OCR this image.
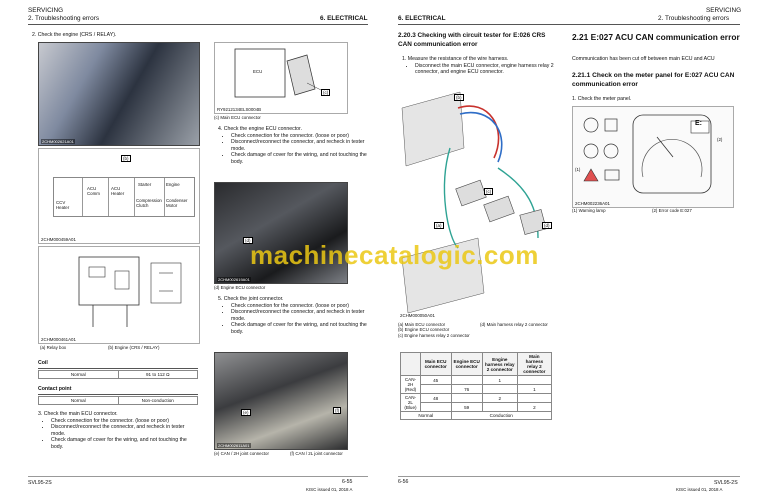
SERVICING
2. Troubleshooting errors	6. ELECTRICAL
2. Check the engine (CRS / RELAY).
2CHM002621A01
(b)
CCV Heater
ACU Comm
ACU Heater
Starter	Engine
Compression Clutch
Condenser Motor
2CHM000459A01
2CHM000461A01
(a) Relay box	(b) Engine (CRS / RELAY)
Coil
Normal	91 to 112 Ω
Contact point
Normal	Non-conduction
3. Check the main ECU connector.
• Check connection for the connector. (loose or poor)
• Disconnect/reconnect the connector, and recheck in tester mode.
• Check damage of cover for the wiring, and not touching the body.
ECU
(c)
RY9212134ELS0004B
(c) Main ECU connector
4. Check the engine ECU connector.
• Check connection for the connector. (loose or poor)
• Disconnect/reconnect the connector, and recheck in tester mode.
• Check damage of cover for the wiring, and not touching the body.
(d)
2CHM002619A01
(d) Engine ECU connector
5. Check the joint connector.
• Check connection for the connector. (loose or poor)
• Disconnect/reconnect the connector, and recheck in tester mode.
• Check damage of cover for the wiring, and not touching the body.
(e)	(f)
2CHM002611A01
(e) CAN / 2H joint connector	(f) CAN / 2L joint connector
SVL95-2S	6-55
KISC issued 01, 2018 A
SERVICING
2. Troubleshooting errors
6. ELECTRICAL
2.20.3 Checking with circuit tester for E:026 CRS CAN communication error
1. Measure the resistance of the wire harness.
• Disconnect the main ECU connector, engine harness relay 2 connector, and engine ECU connector.
(b)
(c)
(a)	(d)
2CHM000050A01
(a) Main ECU connector
(b) Engine ECU connector
(c) Engine harness relay 2 connector
(d) Main harness relay 2 connector
	Main ECU connector	Engine ECU connector	Engine harness relay 2 connector	Main harness relay 2 connector
CAN-2H (Red)	45		1	
		76		1
CAN-2L (Blue)	48		2	
		59		2
Normal		Conduction		
2.21 E:027 ACU CAN communication error
Communication has been cut off between main ECU and ACU
2.21.1 Check on the meter panel for E:027 ACU CAN communication error
1. Check the meter panel.
E:
(2)
(1)
2CHM002236A01
(1) Warning lamp	(2) Error code E:027
6-56	SVL95-2S
KISC issued 01, 2018 A
machinecatalogic.com
